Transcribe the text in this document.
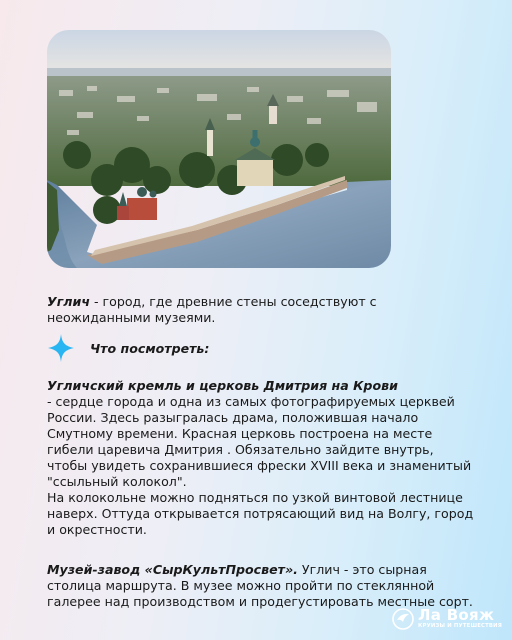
Углич - город, где древние стены соседствуют с неожиданными музеями.
Что посмотреть:

Угличский кремль и церковь Дмитрия на Крови

- сердце города и одна из самых фотографируемых церквей

России. Здесь разыгралась драма, положившая начало

Смутному времени. Красная церковь построена на месте

гибели царевича Дмитрия . Обязательно зайдите внутрь,

чтобы увидеть сохранившиеся фрески XVIII века и знаменитый

"ссыльный колокол".

На колокольне можно подняться по узкой винтовой лестнице

наверх. Оттуда открывается потрясающий вид на Волгу, город

и окрестности.

Музей-завод «СырКультПросвет». Углич - это сырная столица маршрута. В музее можно пройти по стеклянной галерее над производством и продегустировать местные сорт.
Ла Вояж
КРУИЗЫ И ПУТЕШЕСТВИЯ
